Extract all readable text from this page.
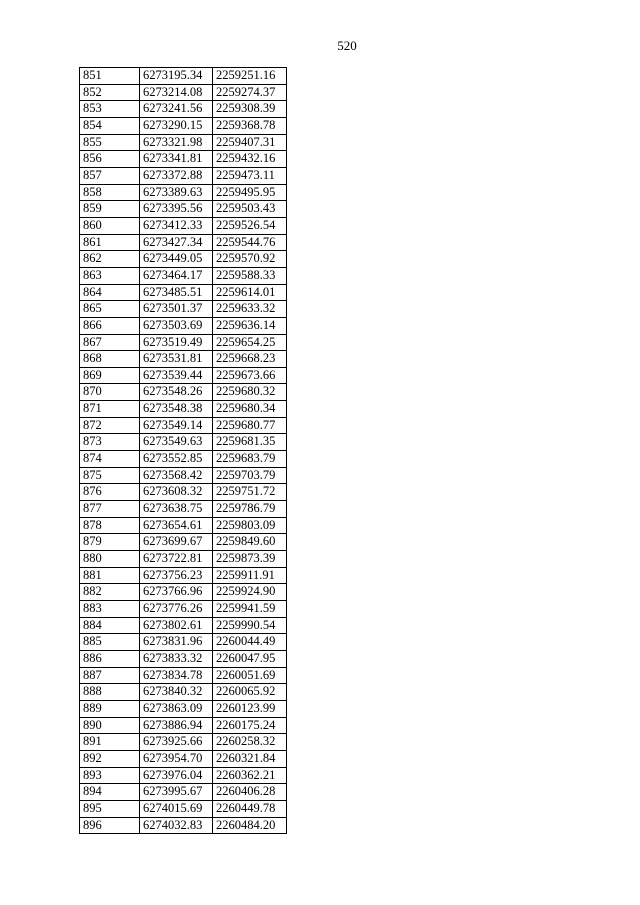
520
851	6273195.34	2259251.16
852	6273214.08	2259274.37
853	6273241.56	2259308.39
854	6273290.15	2259368.78
855	6273321.98	2259407.31
856	6273341.81	2259432.16
857	6273372.88	2259473.11
858	6273389.63	2259495.95
859	6273395.56	2259503.43
860	6273412.33	2259526.54
861	6273427.34	2259544.76
862	6273449.05	2259570.92
863	6273464.17	2259588.33
864	6273485.51	2259614.01
865	6273501.37	2259633.32
866	6273503.69	2259636.14
867	6273519.49	2259654.25
868	6273531.81	2259668.23
869	6273539.44	2259673.66
870	6273548.26	2259680.32
871	6273548.38	2259680.34
872	6273549.14	2259680.77
873	6273549.63	2259681.35
874	6273552.85	2259683.79
875	6273568.42	2259703.79
876	6273608.32	2259751.72
877	6273638.75	2259786.79
878	6273654.61	2259803.09
879	6273699.67	2259849.60
880	6273722.81	2259873.39
881	6273756.23	2259911.91
882	6273766.96	2259924.90
883	6273776.26	2259941.59
884	6273802.61	2259990.54
885	6273831.96	2260044.49
886	6273833.32	2260047.95
887	6273834.78	2260051.69
888	6273840.32	2260065.92
889	6273863.09	2260123.99
890	6273886.94	2260175.24
891	6273925.66	2260258.32
892	6273954.70	2260321.84
893	6273976.04	2260362.21
894	6273995.67	2260406.28
895	6274015.69	2260449.78
896	6274032.83	2260484.20
